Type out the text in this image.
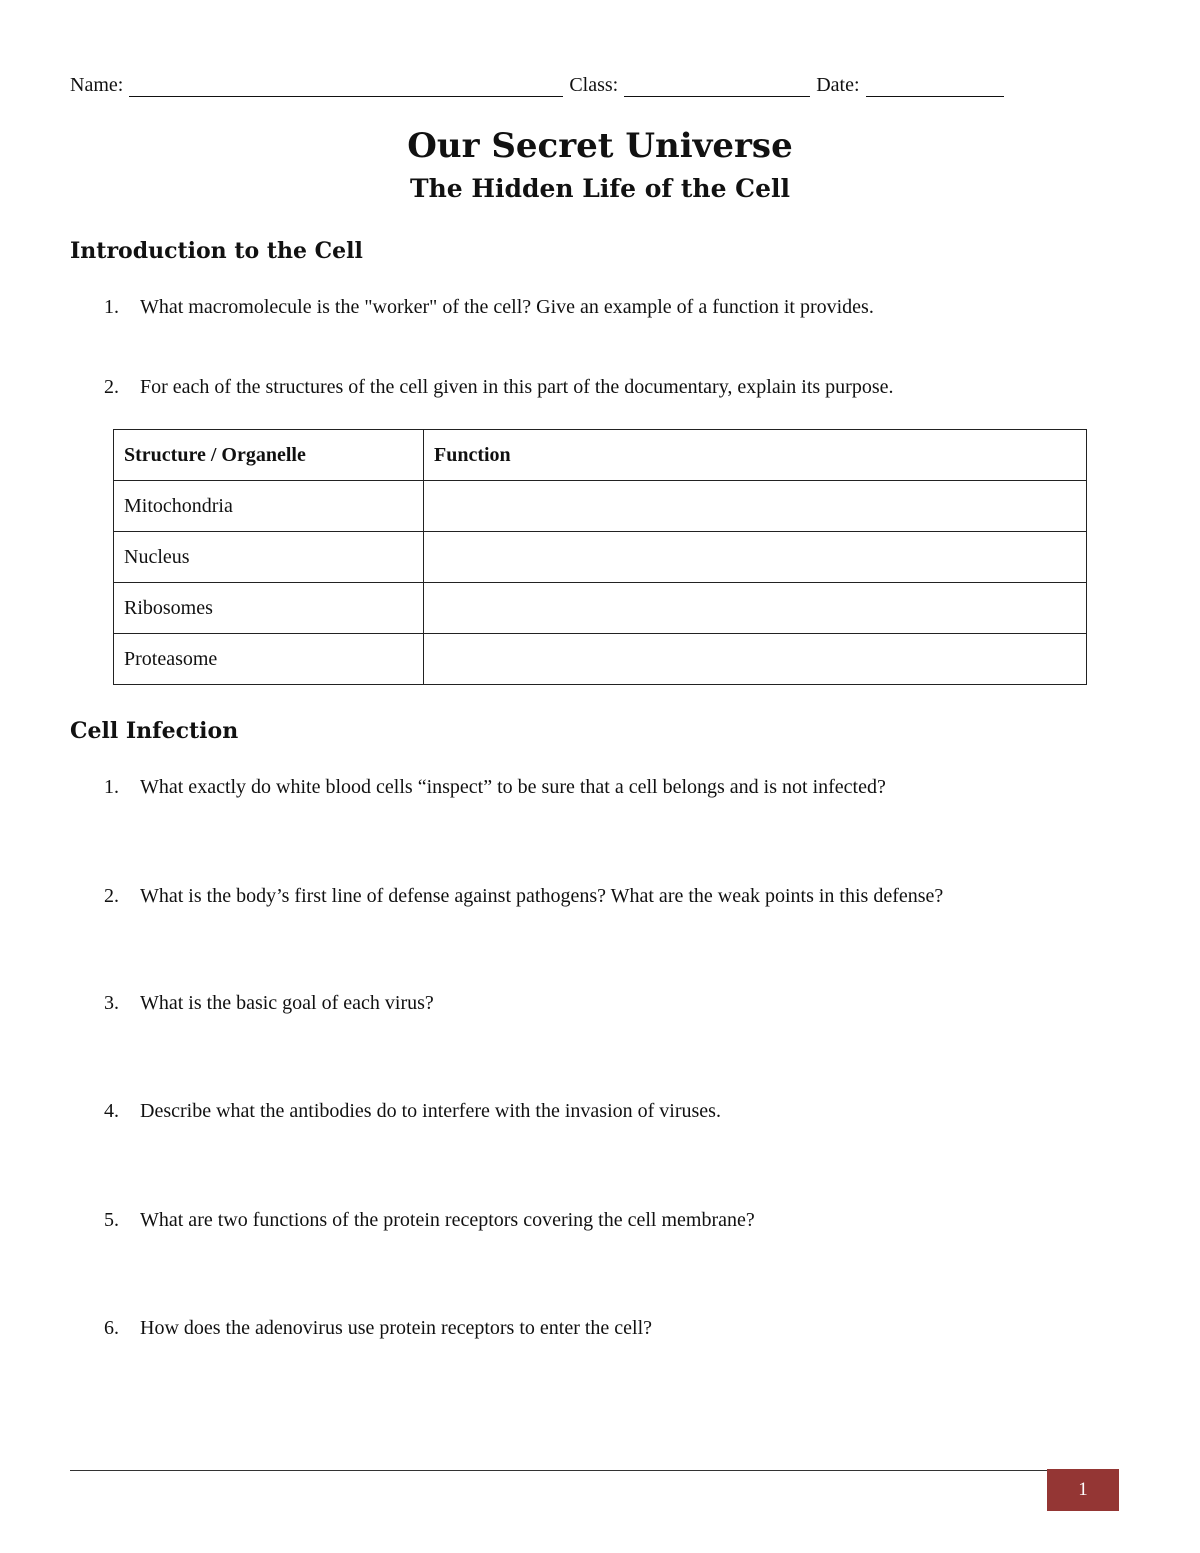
Name:	Class:	Date:
Our Secret Universe
The Hidden Life of the Cell
Introduction to the Cell
1. What macromolecule is the "worker" of the cell? Give an example of a function it provides.
2. For each of the structures of the cell given in this part of the documentary, explain its purpose.
Structure / Organelle	Function
Mitochondria	
Nucleus	
Ribosomes	
Proteasome	
Cell Infection
1. What exactly do white blood cells “inspect” to be sure that a cell belongs and is not infected?
2. What is the body’s first line of defense against pathogens? What are the weak points in this defense?
3. What is the basic goal of each virus?
4. Describe what the antibodies do to interfere with the invasion of viruses.
5. What are two functions of the protein receptors covering the cell membrane?
6. How does the adenovirus use protein receptors to enter the cell?
1
